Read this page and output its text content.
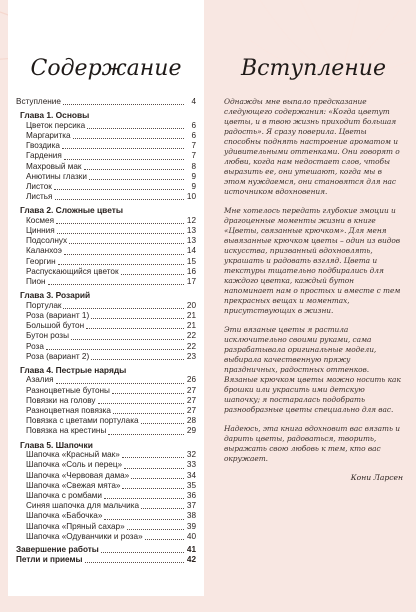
Содержание
Вступление	4
Глава 1. Основы
Цветок персика	6
Маргаритка	6
Гвоздика	7
Гардения	7
Махровый мак	8
Анютины глазки	9
Листок	9
Листья	10
Глава 2. Сложные цветы
Космея	12
Цинния	13
Подсолнух	13
Каланхоэ	14
Георгин	15
Распускающийся цветок	16
Пион	17
Глава 3. Розарий
Портулак	20
Роза (вариант 1)	21
Большой бутон	21
Бутон розы	22
Роза	22
Роза (вариант 2)	23
Глава 4. Пестрые наряды
Азалия	26
Разноцветные бутоны	27
Повязки на голову	27
Разноцветная повязка	27
Повязка с цветами портулака	28
Повязка на крестины	29
Глава 5. Шапочки
Шапочка «Красный мак»	32
Шапочка «Соль и перец»	33
Шапочка «Червовая дама»	34
Шапочка «Свежая мята»	35
Шапочка с ромбами	36
Синяя шапочка для мальчика	37
Шапочка «Бабочка»	38
Шапочка «Пряный сахар»	39
Шапочка «Одуванчики и роза»	40
Завершение работы	41
Петли и приемы	42
Вступление

Однажды мне выпало предсказание следующего содержания: «Когда цветут цветы, и в твою жизнь приходит большая радость». Я сразу поверила. Цветы способны поднять настроение ароматом и удивительными оттенками. Они говорят о любви, когда нам недостает слов, чтобы выразить ее, они утешают, когда мы в этом нуждаемся, они становятся для нас источником вдохновения.

Мне хотелось передать глубокие эмоции и драгоценные моменты жизни в книге «Цветы, связанные крючком». Для меня вывязанные крючком цветы – один из видов искусства, призванный вдохновлять, украшать и радовать взгляд. Цвета и текстуры тщательно подбирались для каждого цветка, каждый бутон напоминает нам о простых и вместе с тем прекрасных вещах и моментах, присутствующих в жизни.

Эти вязаные цветы я растила исключительно своими руками, сама разрабатывала оригинальные модели, выбирала качественную пряжу праздничных, радостных оттенков. Вязаные крючком цветы можно носить как брошки или украсить ими детскую шапочку; я постаралась подобрать разнообразные цветы специально для вас.

Надеюсь, эта книга вдохновит вас вязать и дарить цветы, радоваться, творить, выражать свою любовь к тем, кто вас окружает.

Кони Ларсен
